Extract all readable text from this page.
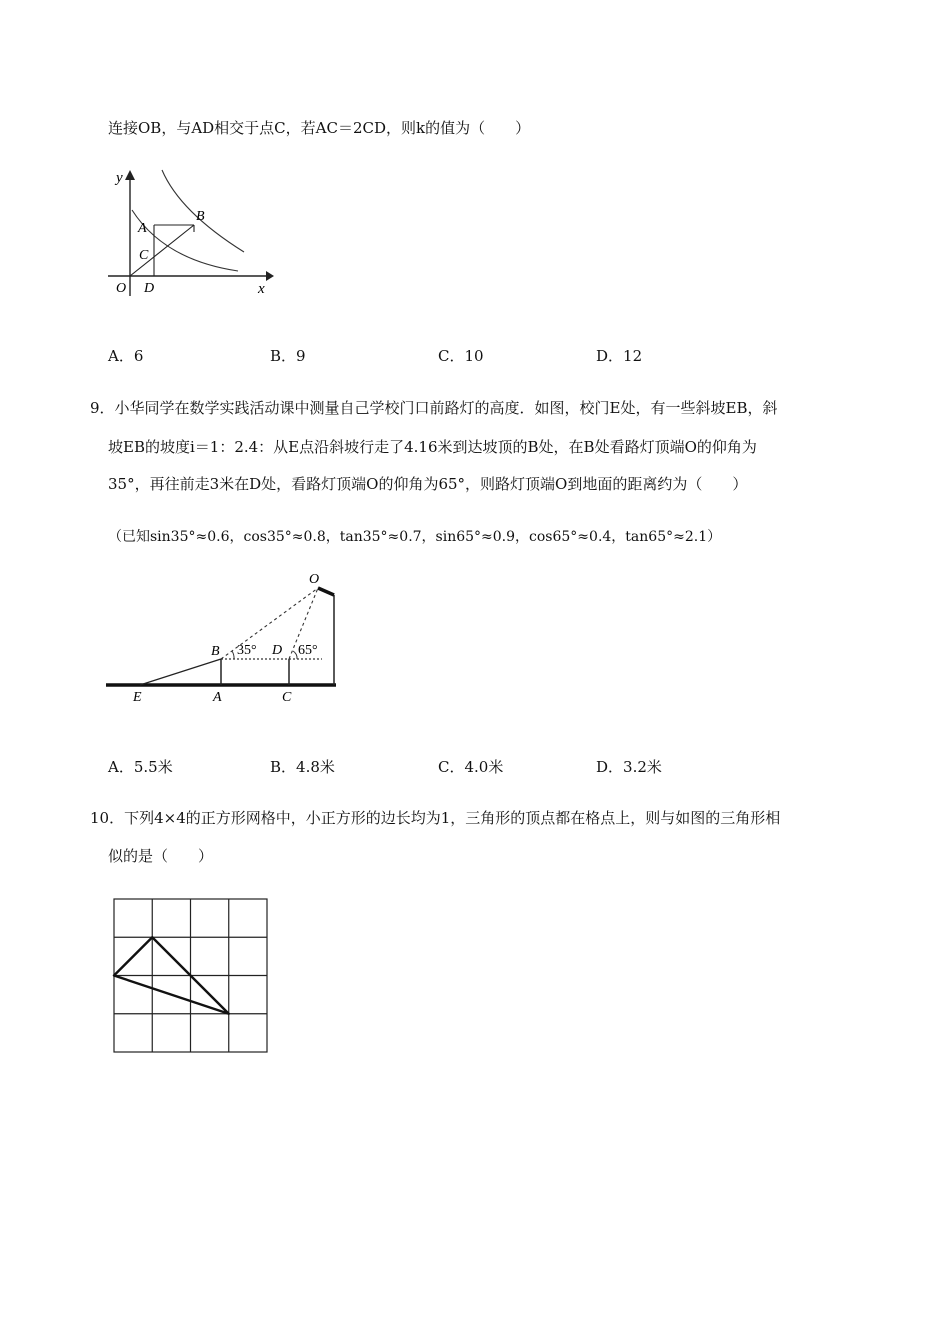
连接OB，与AD相交于点C，若AC＝2CD，则k的值为（　　）
y
x
A
B
C
O D
A．6	B．9	C．10	D．12
9．小华同学在数学实践活动课中测量自己学校门口前路灯的高度．如图，校门E处，有一些斜坡EB，斜
坡EB的坡度i＝1：2.4：从E点沿斜坡行走了4.16米到达坡顶的B处，在B处看路灯顶端O的仰角为
35°，再往前走3米在D处，看路灯顶端O的仰角为65°，则路灯顶端O到地面的距离约为（　　）
（已知sin35°≈0.6，cos35°≈0.8，tan35°≈0.7，sin65°≈0.9，cos65°≈0.4，tan65°≈2.1）
O
B 35° D 65°
E	A	C
A．5.5米	B．4.8米	C．4.0米	D．3.2米
10．下列4×4的正方形网格中，小正方形的边长均为1，三角形的顶点都在格点上，则与如图的三角形相
似的是（　　）
